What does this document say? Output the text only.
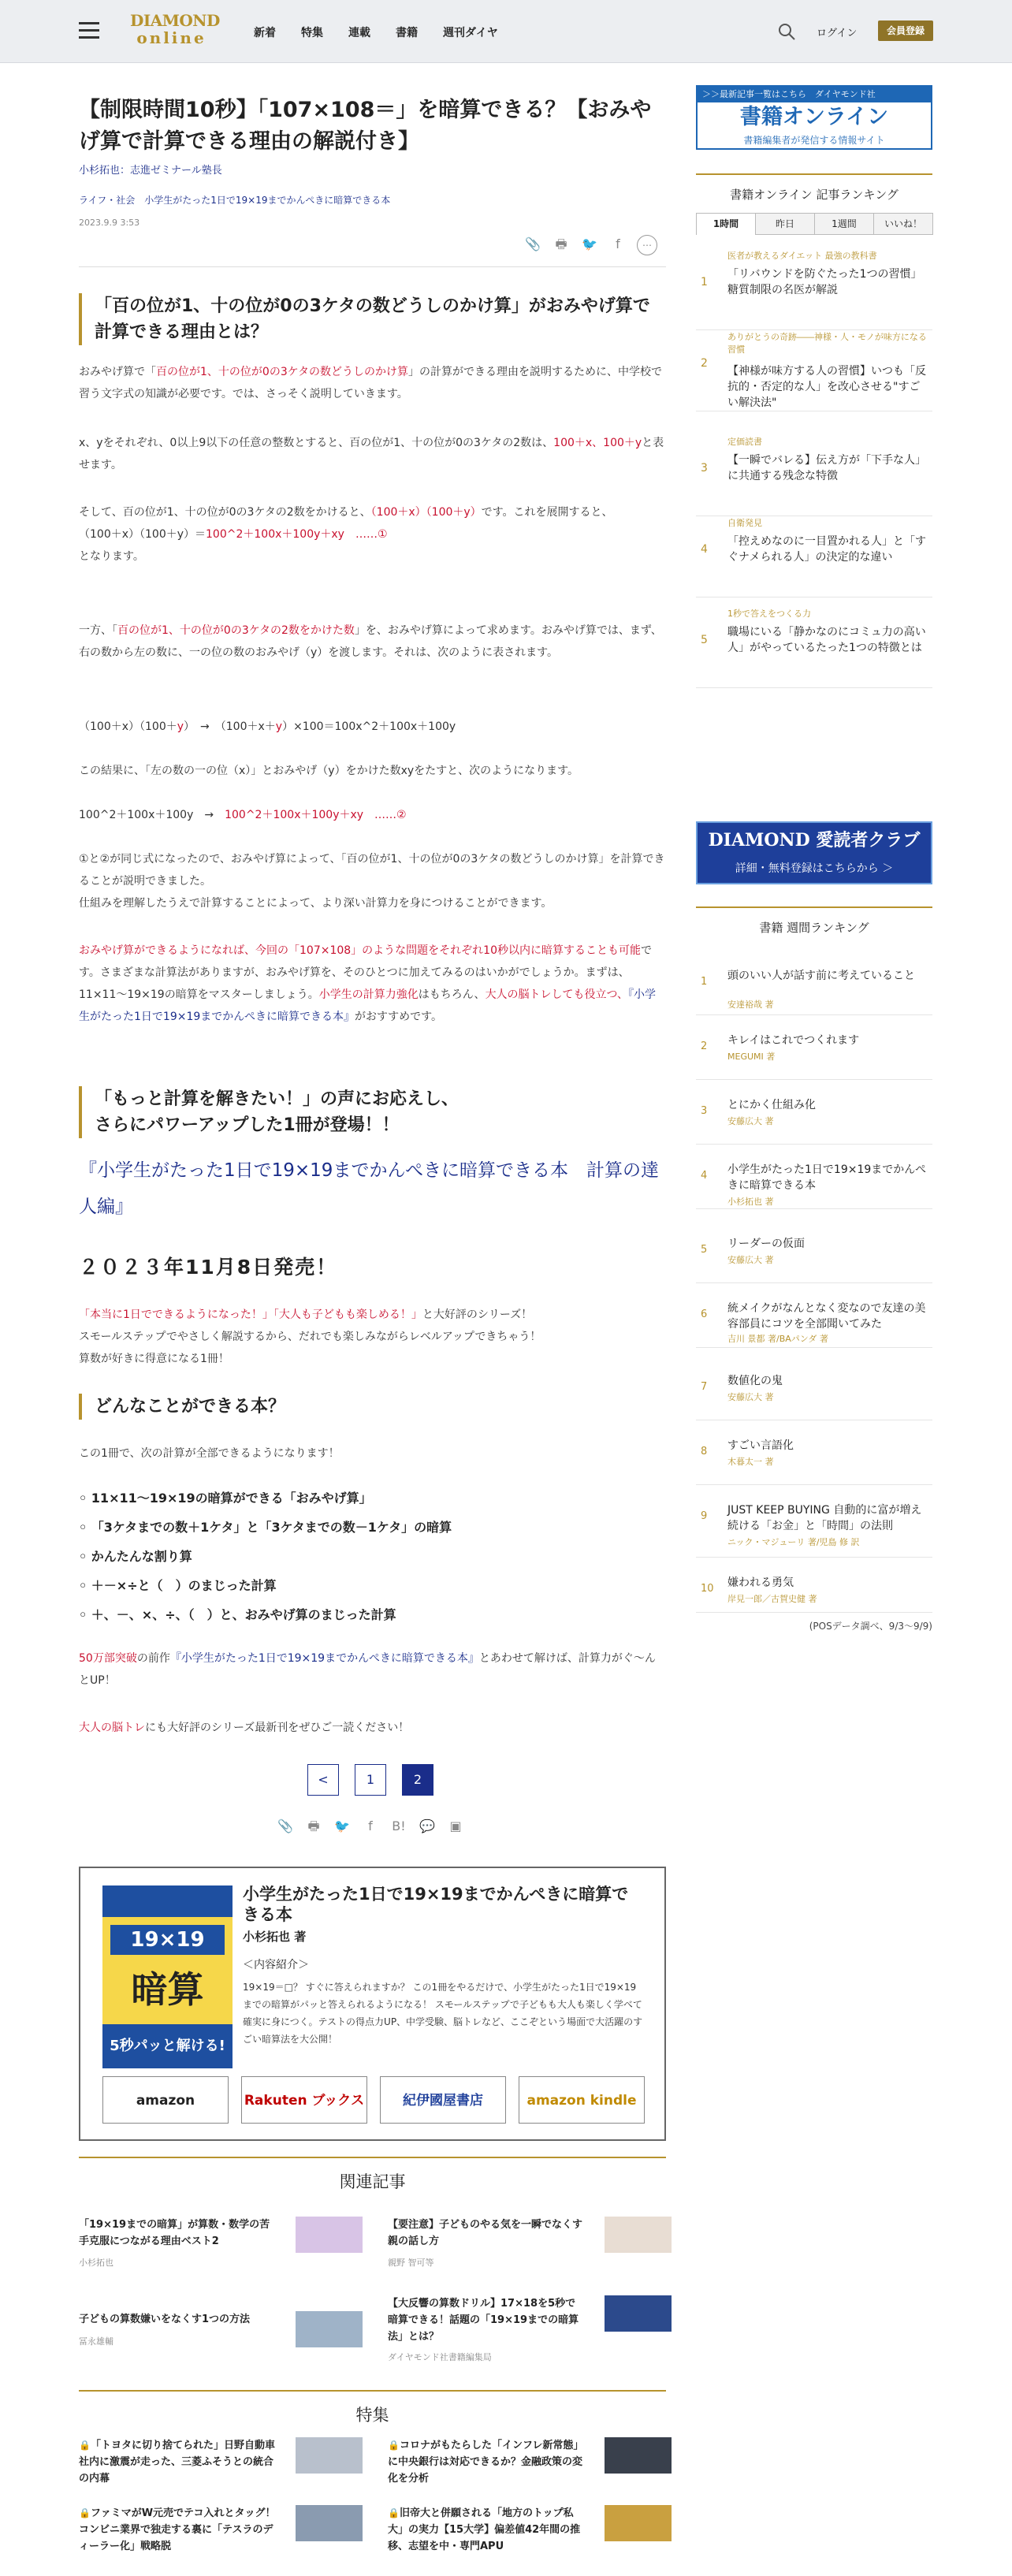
DIAMOND
online	新着 特集 連載 書籍 週刊ダイヤ	ログイン	会員登録
【制限時間10秒】「107×108＝」を暗算できる？【おみやげ算で計算できる理由の解説付き】
小杉拓也：志進ゼミナール塾長
ライフ・社会　小学生がたった1日で19×19までかんぺきに暗算できる本
2023.9.9 3:53
📎 🖶 🐦	f	⋯
「百の位が1、十の位が0の3ケタの数どうしのかけ算」がおみやげ算で計算できる理由とは？
おみやげ算で「百の位が1、十の位が0の3ケタの数どうしのかけ算」の計算ができる理由を説明するために、中学校で習う文字式の知識が必要です。では、さっそく説明していきます。
x、yをそれぞれ、0以上9以下の任意の整数とすると、百の位が1、十の位が0の3ケタの2数は、100＋x、100＋yと表せます。
そして、百の位が1、十の位が0の3ケタの2数をかけると、（100＋x）（100＋y）です。これを展開すると、
（100＋x）（100＋y）＝100^2＋100x＋100y＋xy　……①
となります。
一方、「百の位が1、十の位が0の3ケタの2数をかけた数」を、おみやげ算によって求めます。おみやげ算では、まず、右の数から左の数に、一の位の数のおみやげ（y）を渡します。それは、次のように表されます。
（100＋x）（100＋y）　→　（100＋x＋y）×100＝100x^2＋100x＋100y
この結果に、「左の数の一の位（x）」とおみやげ（y）をかけた数xyをたすと、次のようになります。
100^2＋100x＋100y　→　100^2＋100x＋100y＋xy　……②
①と②が同じ式になったので、おみやげ算によって、「百の位が1、十の位が0の3ケタの数どうしのかけ算」を計算できることが説明できました。
仕組みを理解したうえで計算することによって、より深い計算力を身につけることができます。
おみやげ算ができるようになれば、今回の「107×108」のような問題をそれぞれ10秒以内に暗算することも可能です。さまざまな計算法がありますが、おみやげ算を、そのひとつに加えてみるのはいかがでしょうか。まずは、11×11～19×19の暗算をマスターしましょう。小学生の計算力強化はもちろん、大人の脳トレしても役立つ、『小学生がたった1日で19×19までかんぺきに暗算できる本』がおすすめです。
「もっと計算を解きたい！」の声にお応えし、
さらにパワーアップした1冊が登場！！
『小学生がたった1日で19×19までかんぺきに暗算できる本　計算の達人編』
２０２３年11月8日発売！
「本当に1日でできるようになった！」「大人も子どもも楽しめる！」と大好評のシリーズ！
スモールステップでやさしく解説するから、だれでも楽しみながらレベルアップできちゃう！
算数が好きに得意になる1冊！
どんなことができる本？
この1冊で、次の計算が全部できるようになります！
◦ 11×11～19×19の暗算ができる「おみやげ算」
◦ 「3ケタまでの数＋1ケタ」と「3ケタまでの数－1ケタ」の暗算
◦ かんたんな割り算
◦ ＋－×÷と（　）のまじった計算
◦ ＋、－、×、÷、（　）と、おみやげ算のまじった計算
50万部突破の前作『小学生がたった1日で19×19までかんぺきに暗算できる本』とあわせて解けば、計算力がぐ～んとUP！
大人の脳トレにも大好評のシリーズ最新刊をぜひご一読ください！
<	1	2
📎 🖶 🐦	f	B! 💬 ▣
19×19
暗算
5秒パッと解ける!
小学生がたった1日で19×19までかんぺきに暗算できる本
小杉拓也 著
＜内容紹介＞
19×19＝□？ すぐに答えられますか？ この1冊をやるだけで、小学生がたった1日で19×19までの暗算がパッと答えられるようになる！ スモールステップで子どもも大人も楽しく学べて確実に身につく。テストの得点力UP、中学受験、脳トレなど、ここぞという場面で大活躍のすごい暗算法を大公開！
amazon	Rakuten ブックス	紀伊國屋書店	amazon kindle
関連記事
「19×19までの暗算」が算数・数学の苦手克服につながる理由ベスト2
小杉拓也
【要注意】子どものやる気を一瞬でなくす親の話し方
親野 智可等
子どもの算数嫌いをなくす1つの方法
冨永雄輔
【大反響の算数ドリル】17×18を5秒で暗算できる！話題の「19×19までの暗算法」とは？
ダイヤモンド社書籍編集局
特集
🔒「トヨタに切り捨てられた」日野自動車社内に激震が走った、三菱ふそうとの統合の内幕
🔒コロナがもたらした「インフレ新常態」に中央銀行は対応できるか？金融政策の変化を分析
🔒ファミマがW元売でテコ入れとタッグ！コンビニ業界で独走する裏に「テスラのディーラー化」戦略脱
🔒旧帝大と併願される「地方のトップ私大」の実力【15大学】偏差値42年間の推移、志望を中・専門APU
＞＞最新記事一覧はこちら　ダイヤモンド社
書籍オンライン
書籍編集者が発信する情報サイト
書籍オンライン 記事ランキング
1時間	昨日	1週間	いいね！
1
医者が教えるダイエット 最強の教科書
「リバウンドを防ぐたった1つの習慣」糖質制限の名医が解説
2
ありがとうの奇跡――神様・人・モノが味方になる習慣
【神様が味方する人の習慣】いつも「反抗的・否定的な人」を改心させる"すごい解決法"
3
定価読書
【一瞬でバレる】伝え方が「下手な人」に共通する残念な特徴
4
自衛発見
「控えめなのに一目置かれる人」と「すぐナメられる人」の決定的な違い
5
1秒で答えをつくる力
職場にいる「静かなのにコミュ力の高い人」がやっているたった1つの特徴とは
DIAMOND 愛読者クラブ
詳細・無料登録はこちらから ＞
書籍 週間ランキング
1 頭のいい人が話す前に考えていること
安達裕哉 著
2 キレイはこれでつくれます
MEGUMI 著
3 とにかく仕組み化
安藤広大 著
4 小学生がたった1日で19×19までかんぺきに暗算できる本
小杉拓也 著
5 リーダーの仮面
安藤広大 著
6 統メイクがなんとなく変なので友達の美容部員にコツを全部聞いてみた
吉川 景都 著/BAパンダ 著
7 数値化の鬼
安藤広大 著
8 すごい言語化
木暮太一 著
9 JUST KEEP BUYING 自動的に富が増え続ける「お金」と「時間」の法則
ニック・マジューリ 著/児島 修 訳
10 嫌われる勇気
岸見一郎／古賀史健 著
(POSデータ調べ、9/3～9/9)
